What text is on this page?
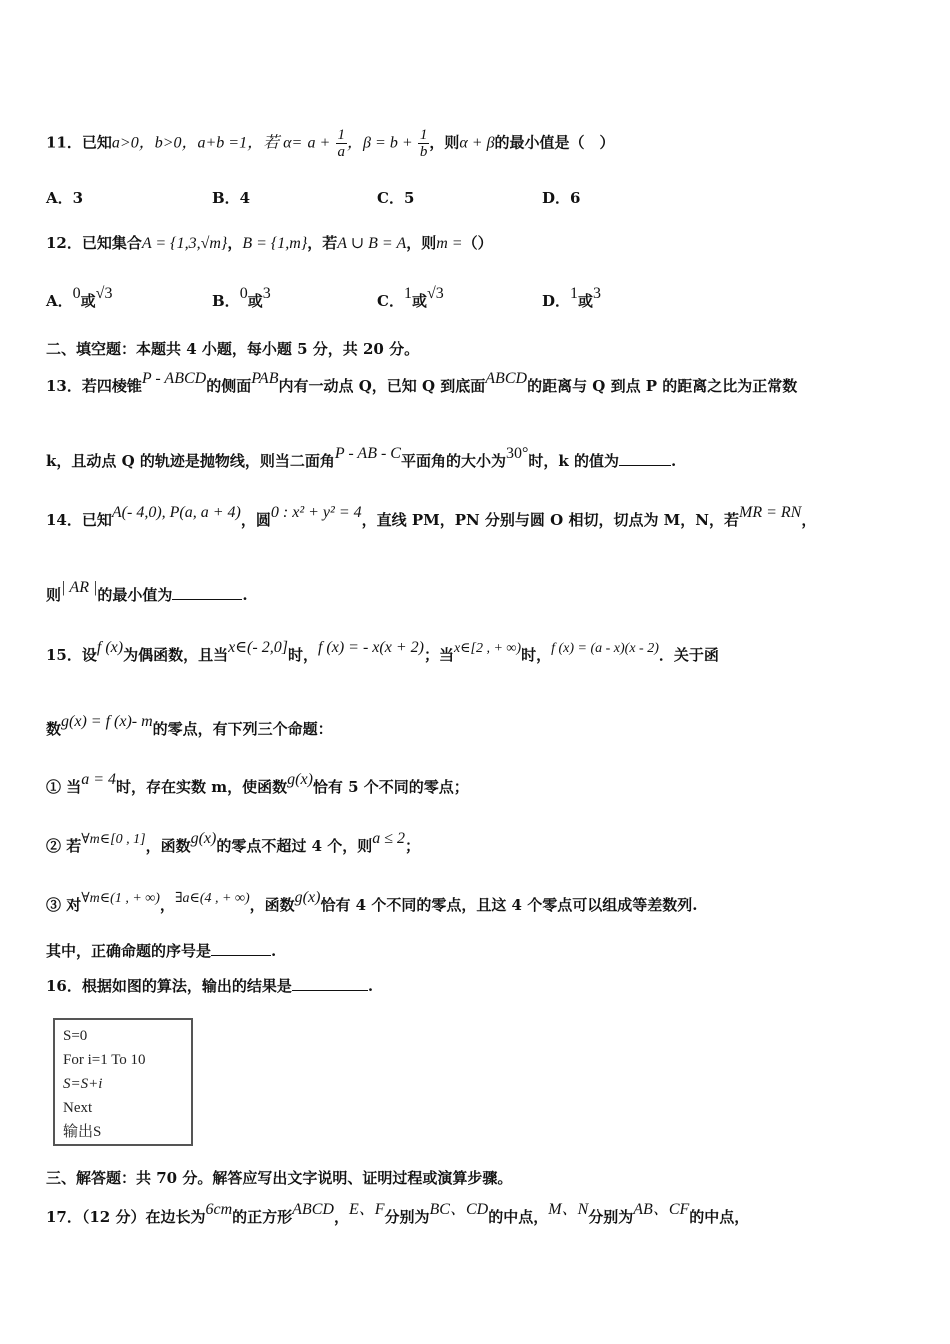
11．已知a>0，b>0，a+b =1，若 $\alpha= a + \frac{1}{a}$ ，$\beta = b + \frac{1}{b}$ ，则α + β的最小值是（　）
A．3	B．4	C．5	D．6
12．已知集合A = {1,3,√m}，B = {1,m}，若A ∪ B = A，则m =（）
A．0或√3	B．0或3	C．1或√3	D．1或3
二、填空题：本题共 4 小题，每小题 5 分，共 20 分。
13．若四棱锥P - ABCD的侧面PAB内有一动点 Q，已知 Q 到底面ABCD的距离与 Q 到点 P 的距离之比为正常数
k，且动点 Q 的轨迹是抛物线，则当二面角P - AB - C平面角的大小为30°时，k 的值为	.
14．已知A(- 4,0), P(a, a + 4)，圆0 : x² + y² = 4，直线 PM，PN 分别与圆 O 相切，切点为 M，N，若MR = RN，
则| AR |的最小值为	.
15．设f (x)为偶函数，且当x∈(- 2,0]时，f (x) = - x(x + 2)；当x∈[2 , + ∞)时，f (x) = (a - x)(x - 2)．关于函
数g(x) = f (x)- m的零点，有下列三个命题：
① 当a = 4时，存在实数 m，使函数g(x)恰有 5 个不同的零点；
② 若∀m∈[0 , 1]，函数g(x)的零点不超过 4 个，则a ≤ 2；
③ 对∀m∈(1 , + ∞)，∃a∈(4 , + ∞)，函数g(x)恰有 4 个不同的零点，且这 4 个零点可以组成等差数列.
其中，正确命题的序号是	.
16．根据如图的算法，输出的结果是	.
S=0
For i=1 To 10
S=S+i
Next
输出S
三、解答题：共 70 分。解答应写出文字说明、证明过程或演算步骤。
17．（12 分）在边长为6cm的正方形ABCD，E、F分别为BC、CD的中点，M、N分别为AB、CF的中点，
